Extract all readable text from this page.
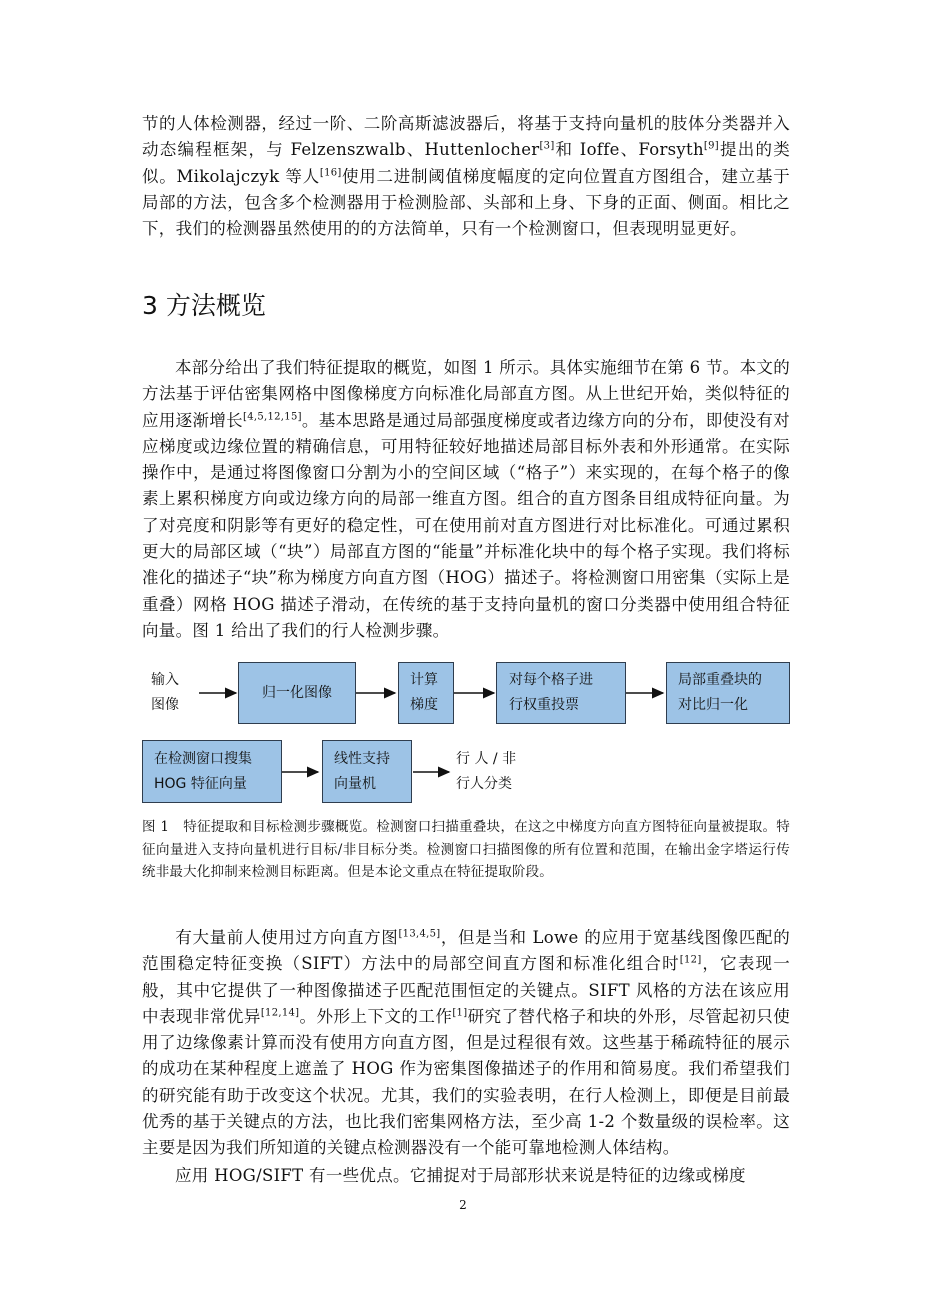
节的人体检测器，经过一阶、二阶高斯滤波器后，将基于支持向量机的肢体分类器并入动态编程框架，与 Felzenszwalb、Huttenlocher[3]和 Ioffe、Forsyth[9]提出的类似。Mikolajczyk 等人[16]使用二进制阈值梯度幅度的定向位置直方图组合，建立基于局部的方法，包含多个检测器用于检测脸部、头部和上身、下身的正面、侧面。相比之下，我们的检测器虽然使用的的方法简单，只有一个检测窗口，但表现明显更好。
3 方法概览
本部分给出了我们特征提取的概览，如图 1 所示。具体实施细节在第 6 节。本文的方法基于评估密集网格中图像梯度方向标准化局部直方图。从上世纪开始，类似特征的应用逐渐增长[4,5,12,15]。基本思路是通过局部强度梯度或者边缘方向的分布，即使没有对应梯度或边缘位置的精确信息，可用特征较好地描述局部目标外表和外形通常。在实际操作中，是通过将图像窗口分割为小的空间区域（“格子”）来实现的，在每个格子的像素上累积梯度方向或边缘方向的局部一维直方图。组合的直方图条目组成特征向量。为了对亮度和阴影等有更好的稳定性，可在使用前对直方图进行对比标准化。可通过累积更大的局部区域（“块”）局部直方图的“能量”并标准化块中的每个格子实现。我们将标准化的描述子“块”称为梯度方向直方图（HOG）描述子。将检测窗口用密集（实际上是重叠）网格 HOG 描述子滑动，在传统的基于支持向量机的窗口分类器中使用组合特征向量。图 1 给出了我们的行人检测步骤。
输入
图像
归一化图像
计算
梯度
对每个格子进
行权重投票
局部重叠块的
对比归一化
在检测窗口搜集
HOG 特征向量
线性支持
向量机
行 人 / 非
行人分类
图 1 特征提取和目标检测步骤概览。检测窗口扫描重叠块，在这之中梯度方向直方图特征向量被提取。特征向量进入支持向量机进行目标/非目标分类。检测窗口扫描图像的所有位置和范围，在输出金字塔运行传统非最大化抑制来检测目标距离。但是本论文重点在特征提取阶段。
有大量前人使用过方向直方图[13,4,5]，但是当和 Lowe 的应用于宽基线图像匹配的范围稳定特征变换（SIFT）方法中的局部空间直方图和标准化组合时[12]，它表现一般，其中它提供了一种图像描述子匹配范围恒定的关键点。SIFT 风格的方法在该应用中表现非常优异[12,14]。外形上下文的工作[1]研究了替代格子和块的外形，尽管起初只使用了边缘像素计算而没有使用方向直方图，但是过程很有效。这些基于稀疏特征的展示的成功在某种程度上遮盖了 HOG 作为密集图像描述子的作用和简易度。我们希望我们的研究能有助于改变这个状况。尤其，我们的实验表明，在行人检测上，即便是目前最优秀的基于关键点的方法，也比我们密集网格方法，至少高 1-2 个数量级的误检率。这主要是因为我们所知道的关键点检测器没有一个能可靠地检测人体结构。
应用 HOG/SIFT 有一些优点。它捕捉对于局部形状来说是特征的边缘或梯度
2
